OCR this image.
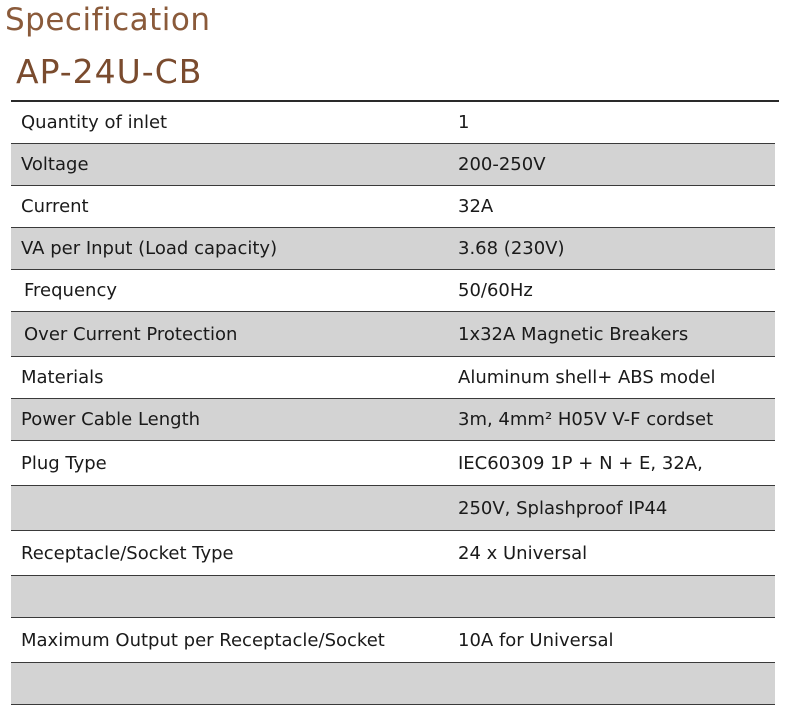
Specification
AP-24U-CB
Quantity of inlet	1
Voltage	200-250V
Current	32A
VA per Input (Load capacity)	3.68 (230V)
Frequency	50/60Hz
Over Current Protection	1x32A Magnetic Breakers
Materials	Aluminum shell+ ABS model
Power Cable Length	3m, 4mm² H05V V-F cordset
Plug Type	IEC60309 1P + N + E, 32A,
250V, Splashproof IP44
Receptacle/Socket Type	24 x Universal
Maximum Output per Receptacle/Socket	10A for Universal
